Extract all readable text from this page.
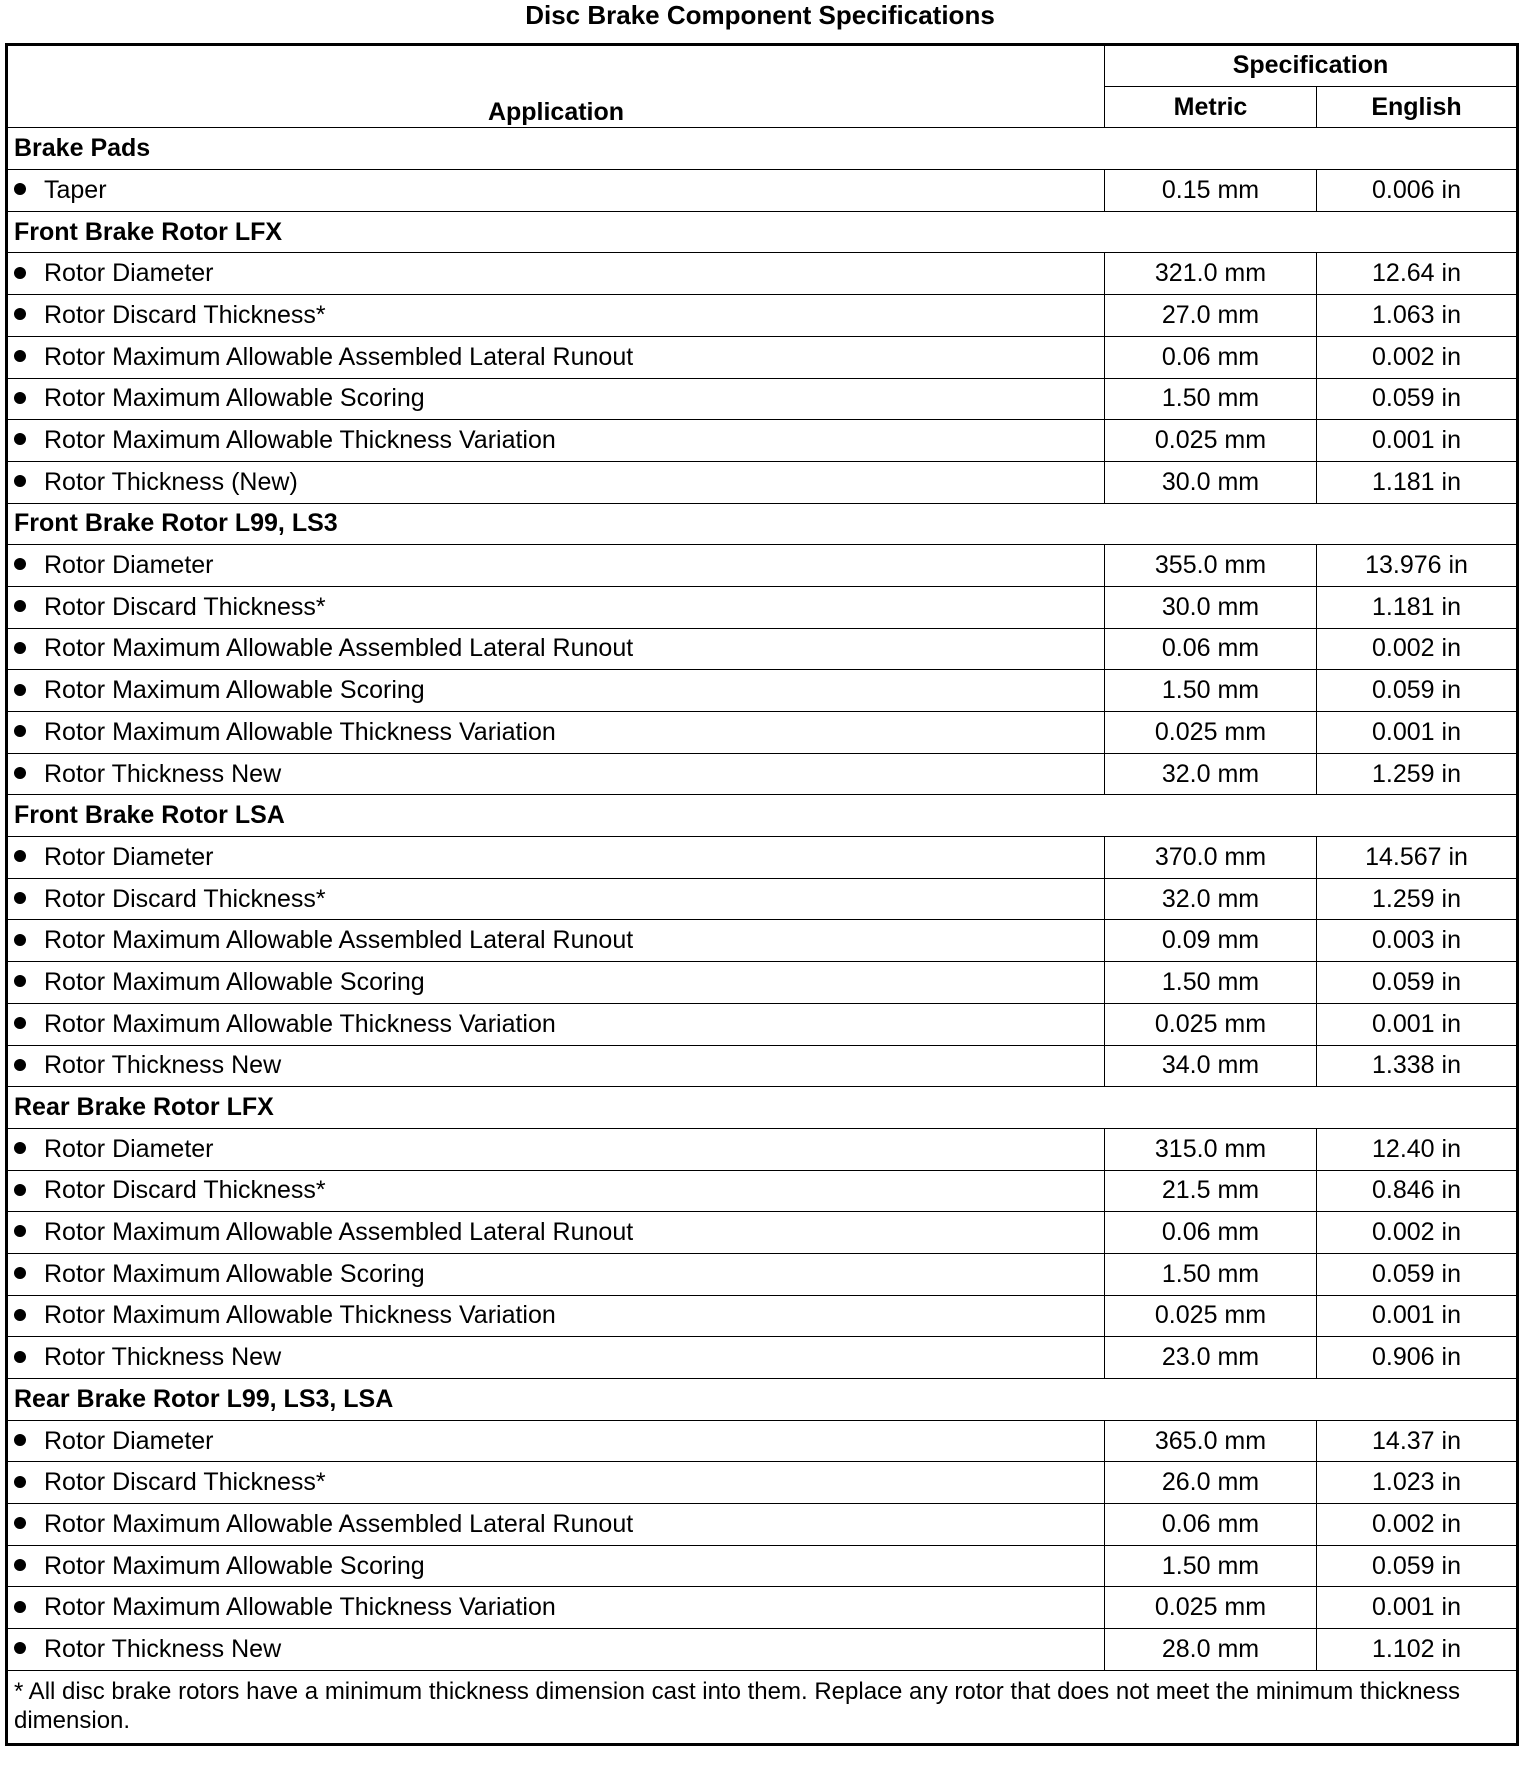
Disc Brake Component Specifications
Application	Specification	
	Metric	English
Brake Pads		
Taper	0.15 mm	0.006 in
Front Brake Rotor LFX		
Rotor Diameter	321.0 mm	12.64 in
Rotor Discard Thickness*	27.0 mm	1.063 in
Rotor Maximum Allowable Assembled Lateral Runout	0.06 mm	0.002 in
Rotor Maximum Allowable Scoring	1.50 mm	0.059 in
Rotor Maximum Allowable Thickness Variation	0.025 mm	0.001 in
Rotor Thickness (New)	30.0 mm	1.181 in
Front Brake Rotor L99, LS3		
Rotor Diameter	355.0 mm	13.976 in
Rotor Discard Thickness*	30.0 mm	1.181 in
Rotor Maximum Allowable Assembled Lateral Runout	0.06 mm	0.002 in
Rotor Maximum Allowable Scoring	1.50 mm	0.059 in
Rotor Maximum Allowable Thickness Variation	0.025 mm	0.001 in
Rotor Thickness New	32.0 mm	1.259 in
Front Brake Rotor LSA		
Rotor Diameter	370.0 mm	14.567 in
Rotor Discard Thickness*	32.0 mm	1.259 in
Rotor Maximum Allowable Assembled Lateral Runout	0.09 mm	0.003 in
Rotor Maximum Allowable Scoring	1.50 mm	0.059 in
Rotor Maximum Allowable Thickness Variation	0.025 mm	0.001 in
Rotor Thickness New	34.0 mm	1.338 in
Rear Brake Rotor LFX		
Rotor Diameter	315.0 mm	12.40 in
Rotor Discard Thickness*	21.5 mm	0.846 in
Rotor Maximum Allowable Assembled Lateral Runout	0.06 mm	0.002 in
Rotor Maximum Allowable Scoring	1.50 mm	0.059 in
Rotor Maximum Allowable Thickness Variation	0.025 mm	0.001 in
Rotor Thickness New	23.0 mm	0.906 in
Rear Brake Rotor L99, LS3, LSA		
Rotor Diameter	365.0 mm	14.37 in
Rotor Discard Thickness*	26.0 mm	1.023 in
Rotor Maximum Allowable Assembled Lateral Runout	0.06 mm	0.002 in
Rotor Maximum Allowable Scoring	1.50 mm	0.059 in
Rotor Maximum Allowable Thickness Variation	0.025 mm	0.001 in
Rotor Thickness New	28.0 mm	1.102 in
* All disc brake rotors have a minimum thickness dimension cast into them. Replace any rotor that does not meet the minimum thickness dimension.		
